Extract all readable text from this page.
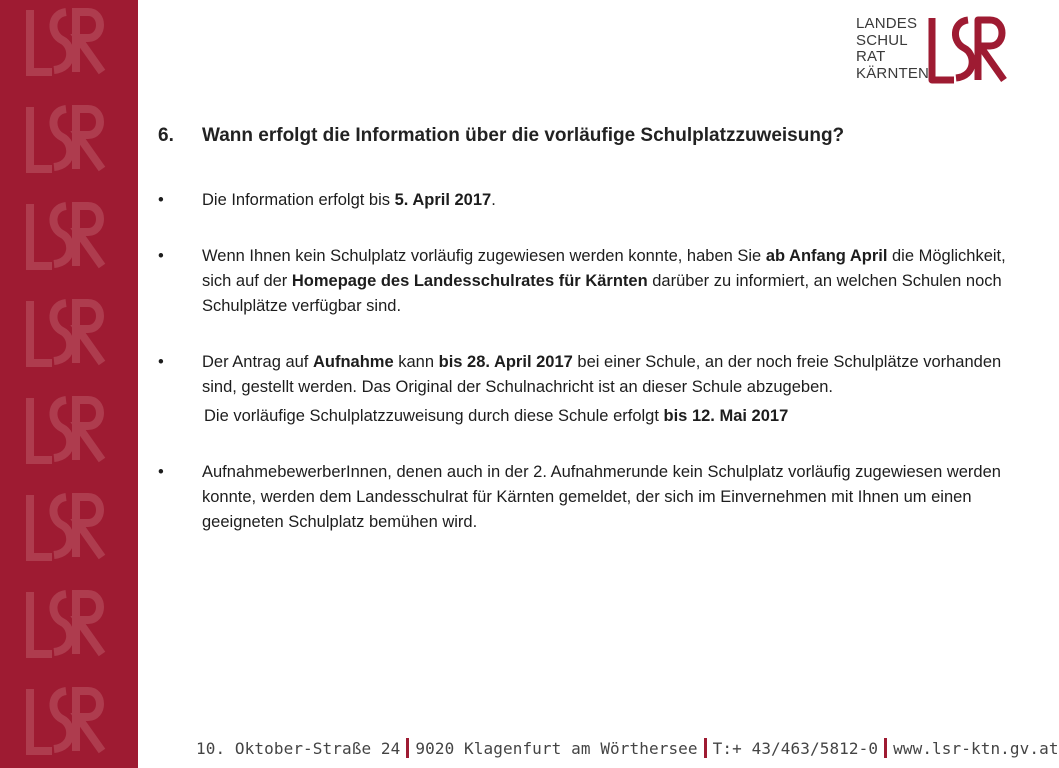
LANDES
SCHUL
RAT
KÄRNTEN
6. Wann erfolgt die Information über die vorläufige Schulplatzzuweisung?
•	Die Information erfolgt bis 5. April 2017.
•	Wenn Ihnen kein Schulplatz vorläufig zugewiesen werden konnte, haben Sie ab Anfang April die Möglichkeit, sich auf der Homepage des Landesschulrates für Kärnten darüber zu informiert, an welchen Schulen noch Schulplätze verfügbar sind.
•	Der Antrag auf Aufnahme kann bis 28. April 2017 bei einer Schule, an der noch freie Schulplätze vorhanden sind, gestellt werden. Das Original der Schulnachricht ist an dieser Schule abzugeben.
Die vorläufige Schulplatzzuweisung durch diese Schule erfolgt bis 12. Mai 2017
•	AufnahmebewerberInnen, denen auch in der 2. Aufnahmerunde kein Schulplatz vorläufig zugewiesen werden konnte, werden dem Landesschulrat für Kärnten gemeldet, der sich im Einvernehmen mit Ihnen um einen geeigneten Schulplatz bemühen wird.
10. Oktober-Straße 24 9020 Klagenfurt am Wörthersee T:+ 43/463/5812-0 www.lsr-ktn.gv.at
